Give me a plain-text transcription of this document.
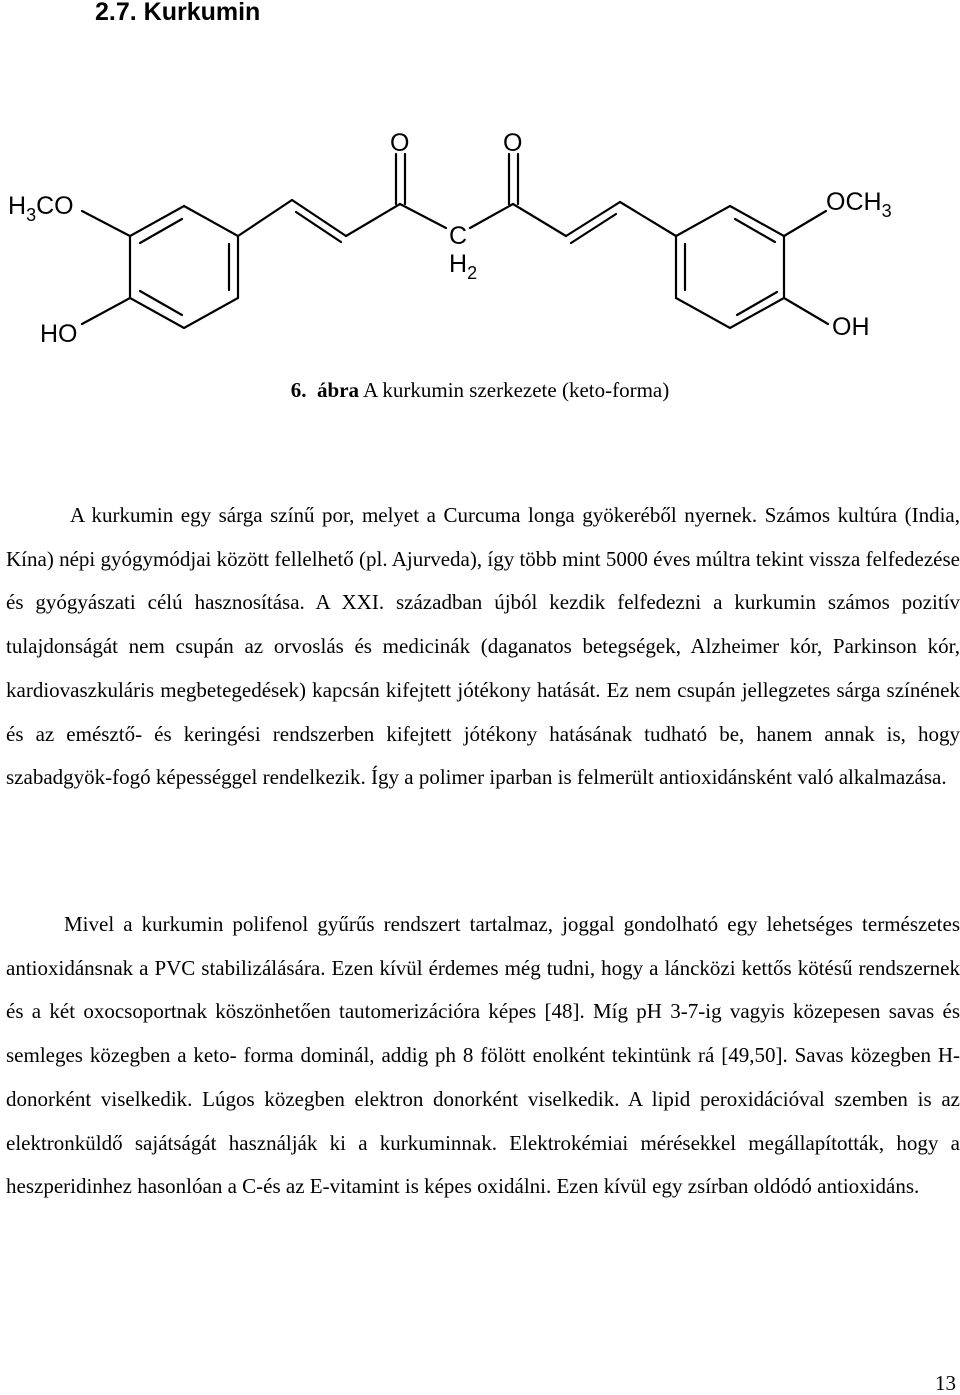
2.7. Kurkumin
$H_3CO$
HO
O	O
C
$H_2$
$OCH_3$
OH

6. ábra A kurkumin szerkezete (keto-forma)

A kurkumin egy sárga színű por, melyet a Curcuma longa gyökeréből nyernek. Számos kultúra (India, Kína) népi gyógymódjai között fellelhető (pl. Ajurveda), így több mint 5000 éves múltra tekint vissza felfedezése és gyógyászati célú hasznosítása. A XXI. században újból kezdik felfedezni a kurkumin számos pozitív tulajdonságát nem csupán az orvoslás és medicinák (daganatos betegségek, Alzheimer kór, Parkinson kór, kardiovaszkuláris megbetegedések) kapcsán kifejtett jótékony hatását. Ez nem csupán jellegzetes sárga színének és az emésztő- és keringési rendszerben kifejtett jótékony hatásának tudható be, hanem annak is, hogy szabadgyök-fogó képességgel rendelkezik. Így a polimer iparban is felmerült antioxidánsként való alkalmazása.

Mivel a kurkumin polifenol gyűrűs rendszert tartalmaz, joggal gondolható egy lehetséges természetes antioxidánsnak a PVC stabilizálására. Ezen kívül érdemes még tudni, hogy a láncközi kettős kötésű rendszernek és a két oxocsoportnak köszönhetően tautomerizációra képes [48]. Míg pH 3-7-ig vagyis közepesen savas és semleges közegben a keto- forma dominál, addig ph 8 fölött enolként tekintünk rá [49,50]. Savas közegben H-donorként viselkedik. Lúgos közegben elektron donorként viselkedik. A lipid peroxidációval szemben is az elektronküldő sajátságát használják ki a kurkuminnak. Elektrokémiai mérésekkel megállapították, hogy a heszperidinhez hasonlóan a C-és az E-vitamint is képes oxidálni. Ezen kívül egy zsírban oldódó antioxidáns.

13
